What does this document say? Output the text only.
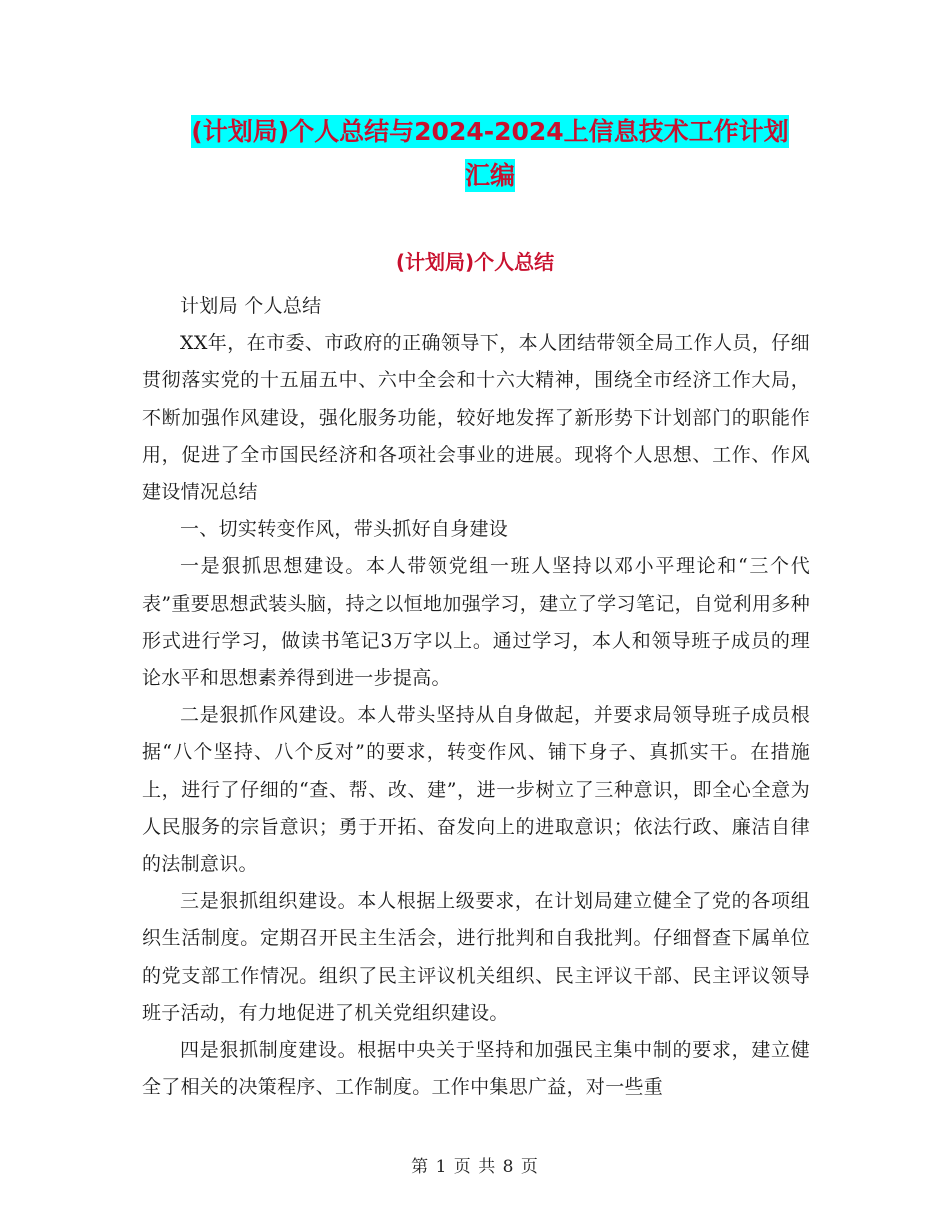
(计划局)个人总结与2024-2024上信息技术工作计划
汇编
(计划局)个人总结

计划局 个人总结

XX年，在市委、市政府的正确领导下，本人团结带领全局工作人员，仔细贯彻落实党的十五届五中、六中全会和十六大精神，围绕全市经济工作大局，不断加强作风建设，强化服务功能，较好地发挥了新形势下计划部门的职能作用，促进了全市国民经济和各项社会事业的进展。现将个人思想、工作、作风建设情况总结

一、切实转变作风，带头抓好自身建设

一是狠抓思想建设。本人带领党组一班人坚持以邓小平理论和“三个代表”重要思想武装头脑，持之以恒地加强学习，建立了学习笔记，自觉利用多种形式进行学习，做读书笔记3万字以上。通过学习，本人和领导班子成员的理论水平和思想素养得到进一步提高。

二是狠抓作风建设。本人带头坚持从自身做起，并要求局领导班子成员根据“八个坚持、八个反对”的要求，转变作风、铺下身子、真抓实干。在措施上，进行了仔细的“查、帮、改、建”，进一步树立了三种意识，即全心全意为人民服务的宗旨意识；勇于开拓、奋发向上的进取意识；依法行政、廉洁自律的法制意识。

三是狠抓组织建设。本人根据上级要求，在计划局建立健全了党的各项组织生活制度。定期召开民主生活会，进行批判和自我批判。仔细督查下属单位的党支部工作情况。组织了民主评议机关组织、民主评议干部、民主评议领导班子活动，有力地促进了机关党组织建设。

四是狠抓制度建设。根据中央关于坚持和加强民主集中制的要求，建立健全了相关的决策程序、工作制度。工作中集思广益，对一些重

第 1 页 共 8 页
